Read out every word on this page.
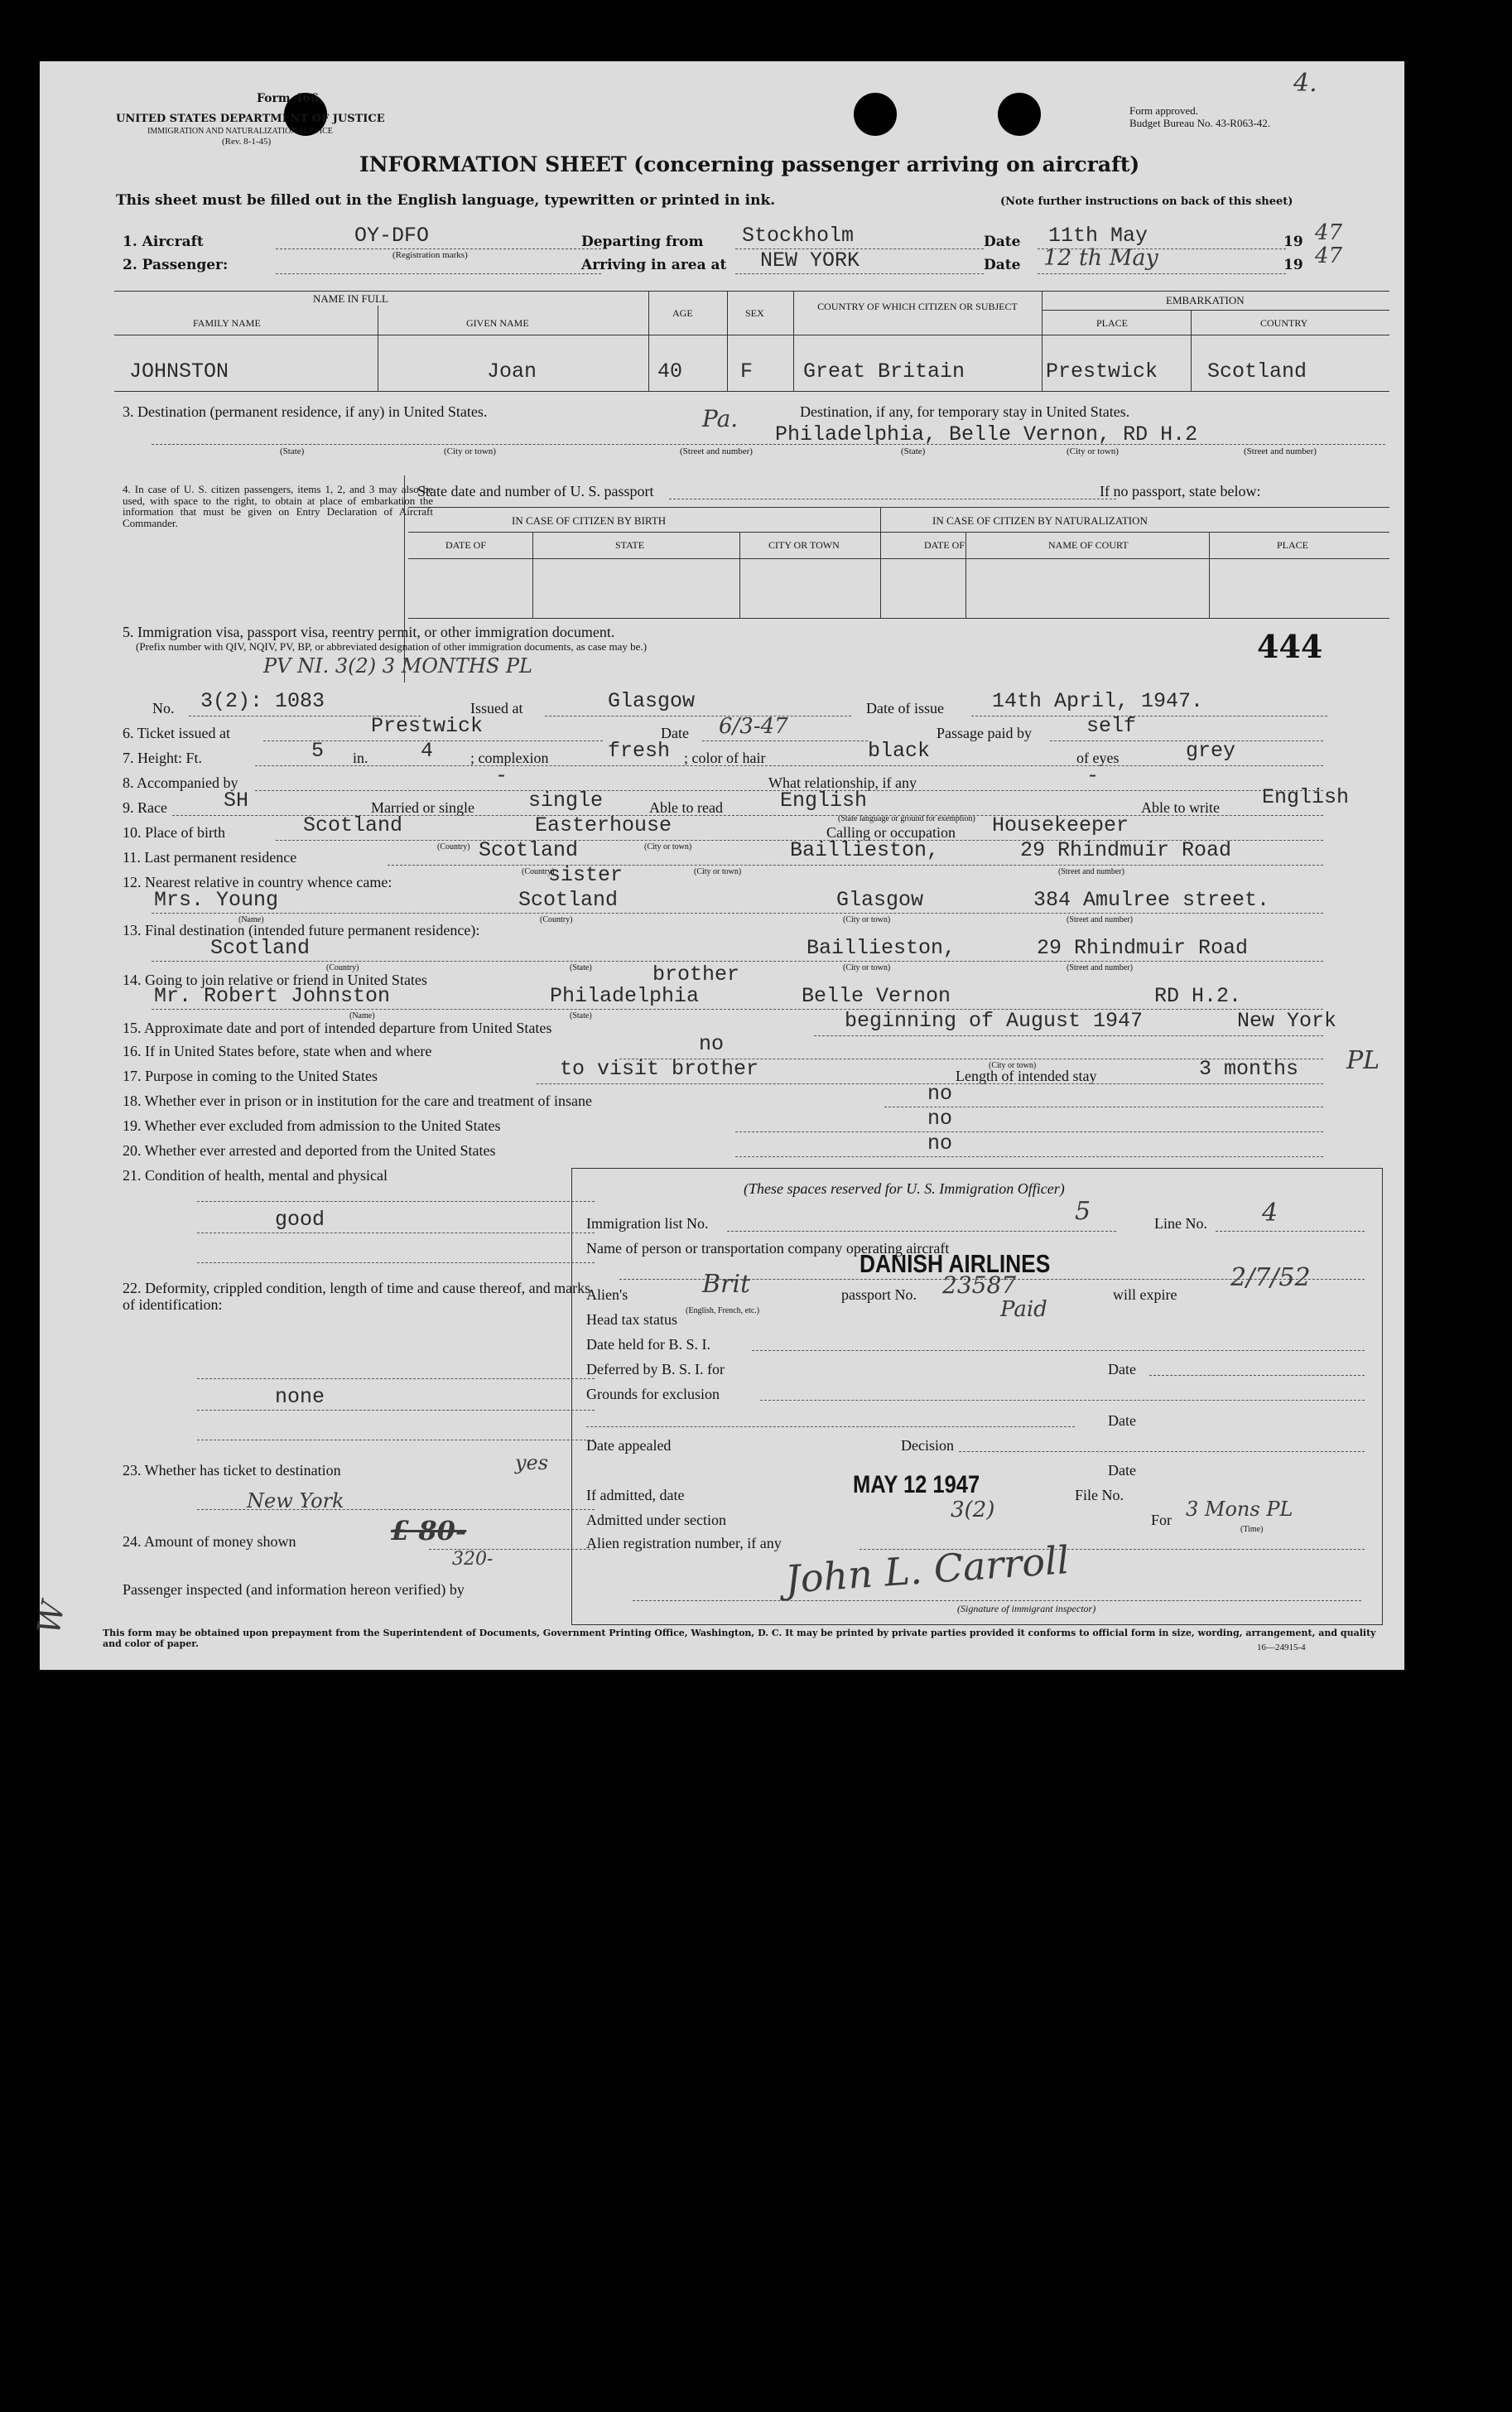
Form 466
UNITED STATES DEPARTMENT OF JUSTICE
IMMIGRATION AND NATURALIZATION SERVICE
(Rev. 8-1-45)
Form approved.
Budget Bureau No. 43-R063-42.
4.
INFORMATION SHEET (concerning passenger arriving on aircraft)
This sheet must be filled out in the English language, typewritten or printed in ink.	(Note further instructions on back of this sheet)
1. Aircraft
2. Passenger:
OY-DFO
(Registration marks)
Departing from
Arriving in area at
Stockholm
NEW YORK
Date
Date
11th May
12 th May
19
19
47
47
NAME IN FULL
FAMILY NAME	GIVEN NAME
AGE	SEX
COUNTRY OF WHICH CITIZEN OR SUBJECT	EMBARKATION
PLACE	COUNTRY
JOHNSTON	Joan	40	F Great Britain	Prestwick Scotland
3. Destination (permanent residence, if any) in United States.	Destination, if any, for temporary stay in United States.
Pa.
Philadelphia, Belle Vernon, RD H.2
(State)	(City or town)	(Street and number)	(State)	(City or town)	(Street and number)
4. In case of U. S. citizen passengers, items 1, 2, and 3 may also be used, with space to the right, to obtain at place of embarkation the information that must be given on Entry Declaration of Aircraft Commander.
State date and number of U. S. passport	If no passport, state below:
IN CASE OF CITIZEN BY BIRTH	IN CASE OF CITIZEN BY NATURALIZATION
DATE OF	STATE	CITY OR TOWN	DATE OF	NAME OF COURT	PLACE
5. Immigration visa, passport visa, reentry permit, or other immigration document.
(Prefix number with QIV, NQIV, PV, BP, or abbreviated designation of other immigration documents, as case may be.)	444
PV NI. 3(2) 3 MONTHS PL
No. 3(2): 1083	Issued at	Glasgow	Date of issue 14th April, 1947.
6. Ticket issued at	Prestwick	Date 6/3-47	Passage paid by	self
7. Height: Ft.	5 in.	4 ; complexion	fresh ; color of hair	black	of eyes	grey
8. Accompanied by	-	What relationship, if any	-
9. Race	SH	Married or single	single	Able to read	English
(State language or ground for exemption)
Able to write English
10. Place of birth	Scotland	Easterhouse	Calling or occupation Housekeeper
(Country)	(City or town)
11. Last permanent residence	Scotland	Baillieston,	29 Rhindmuir Road
(Country)	(City or town)	(Street and number)
12. Nearest relative in country whence came:	sister
Mrs. Young	Scotland	Glasgow	384 Amulree street.
(Name)	(Country)	(City or town)	(Street and number)
13. Final destination (intended future permanent residence):
Scotland	Baillieston,	29 Rhindmuir Road
(Country)	(State)	(City or town)	(Street and number)
14. Going to join relative or friend in United States	brother
Mr. Robert Johnston	Philadelphia	Belle Vernon	RD H.2.
(Name)	(State)
15. Approximate date and port of intended departure from United States	beginning of August 1947	New York
16. If in United States before, state when and where	no
(City or town)
17. Purpose in coming to the United States	to visit brother	Length of intended stay	3 months PL
18. Whether ever in prison or in institution for the care and treatment of insane	no
19. Whether ever excluded from admission to the United States	no
20. Whether ever arrested and deported from the United States	no
21. Condition of health, mental and physical
good
22. Deformity, crippled condition, length of time and cause thereof, and marks of identification:
none
23. Whether has ticket to destination	yes
New York
24. Amount of money shown	£ 80-
320-
(These spaces reserved for U. S. Immigration Officer)
Immigration list No.	5	Line No. 4
Name of person or transportation company operating aircraft
DANISH AIRLINES
Alien's	Brit
(English, French, etc.)
passport No. 23587	will expire
2/7/52
Head tax status	Paid
Date held for B. S. I.
Deferred by B. S. I. for	Date
Grounds for exclusion
Date
Date appealed	Decision
Date
If admitted, date	MAY 12 1947	File No.
Admitted under section	3(2)	For 3 Mons PL
(Time)
Alien registration number, if any
Passenger inspected (and information hereon verified) by	John L. Carroll
(Signature of immigrant inspector)
W	This form may be obtained upon prepayment from the Superintendent of Documents, Government Printing Office, Washington, D. C. It may be printed by private parties provided it conforms to official form in size, wording, arrangement, and quality and color of paper.	16—24915-4
